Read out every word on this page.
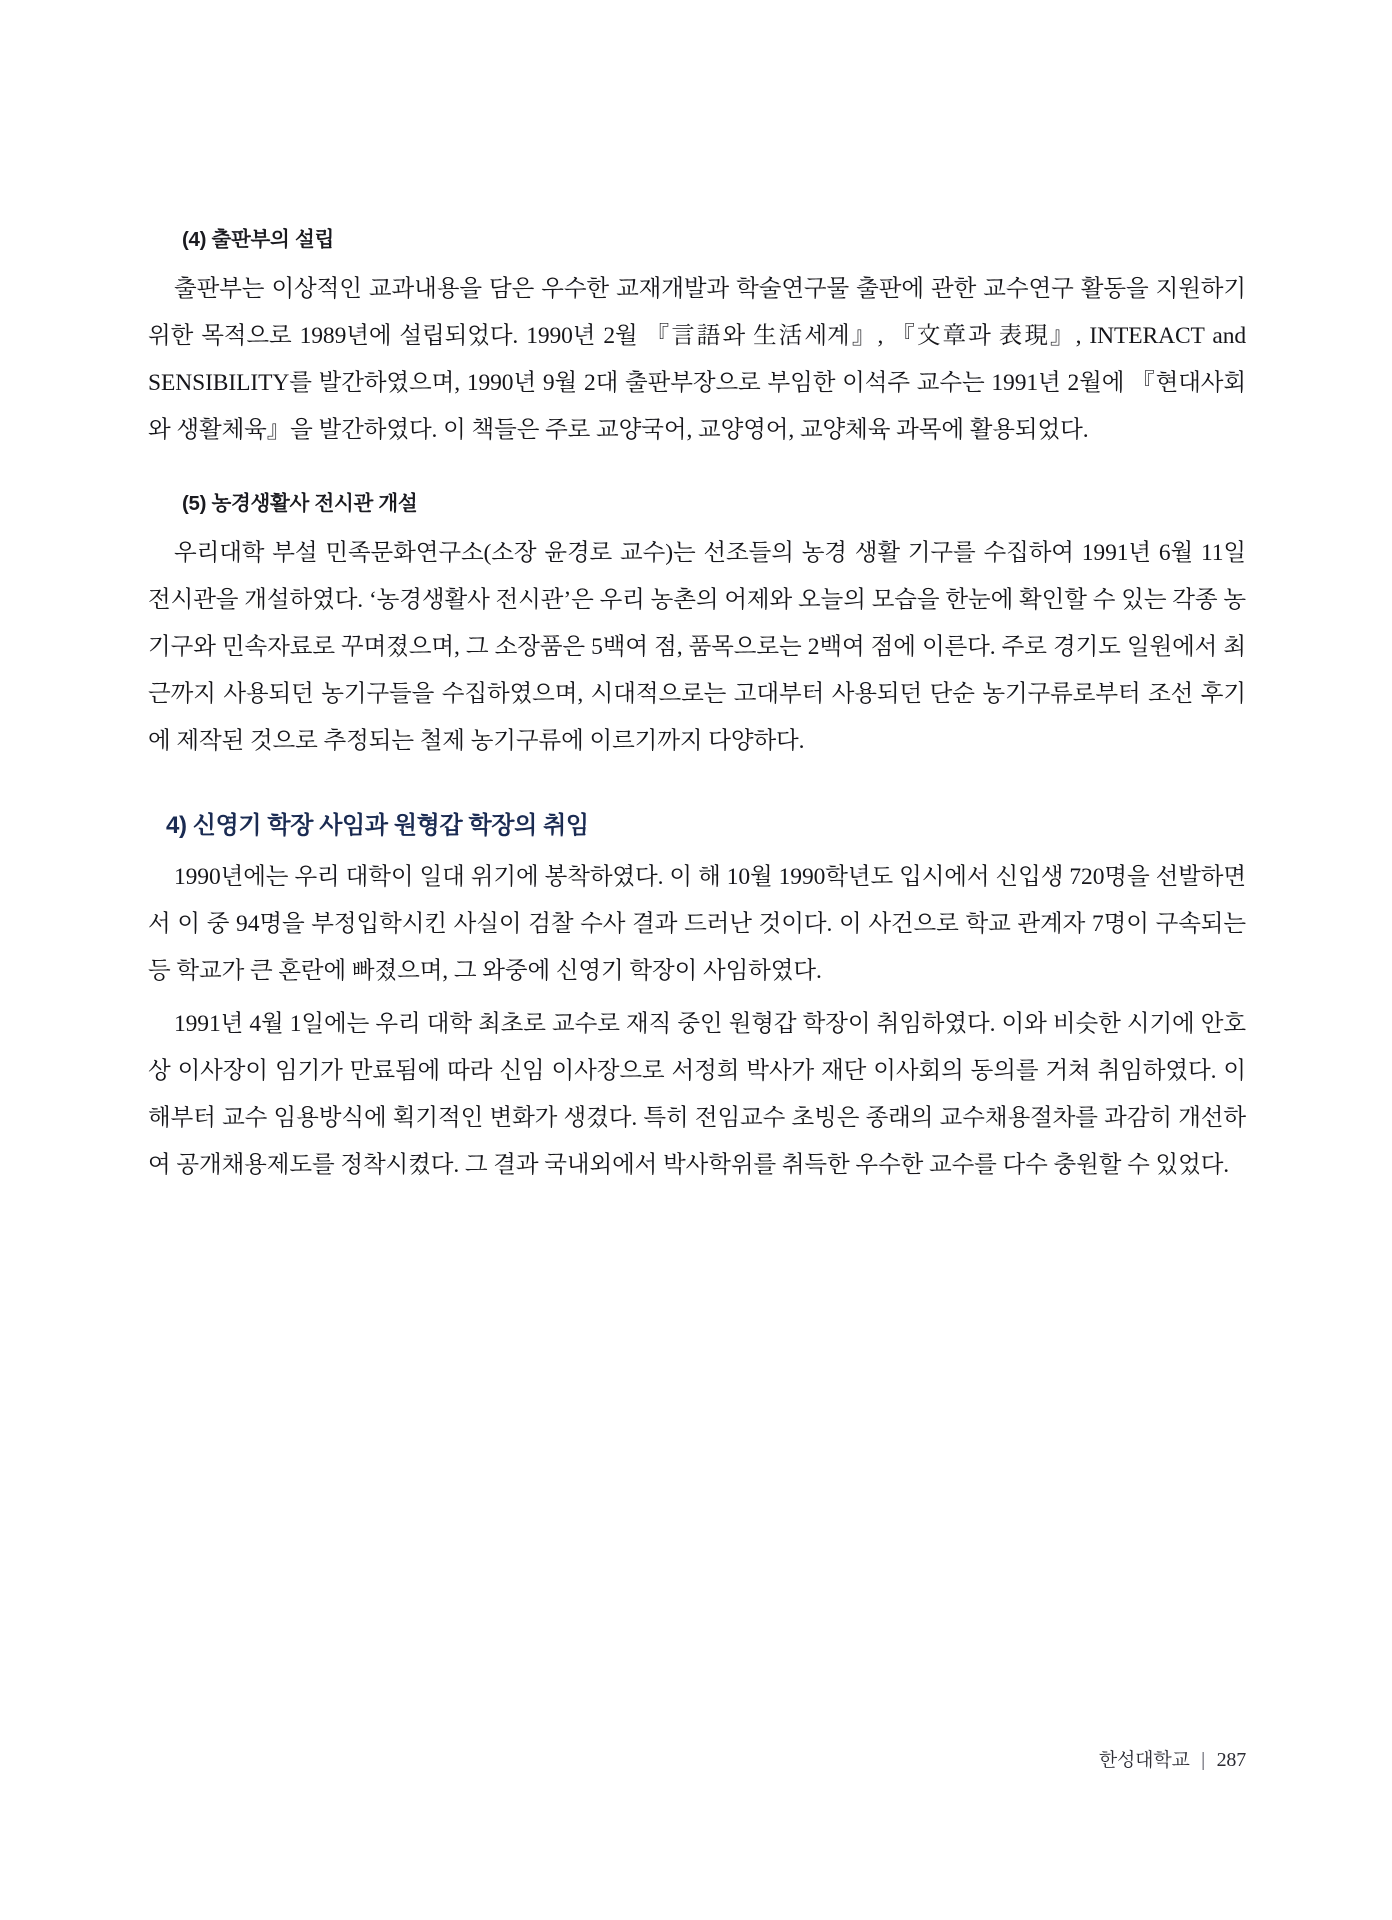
(4) 출판부의 설립

출판부는 이상적인 교과내용을 담은 우수한 교재개발과 학술연구물 출판에 관한 교수연구 활동을 지원하기 위한 목적으로 1989년에 설립되었다. 1990년 2월 『言語와 生活세계』, 『文章과 表現』, INTERACT and SENSIBILITY를 발간하였으며, 1990년 9월 2대 출판부장으로 부임한 이석주 교수는 1991년 2월에 『현대사회와 생활체육』을 발간하였다. 이 책들은 주로 교양국어, 교양영어, 교양체육 과목에 활용되었다.

(5) 농경생활사 전시관 개설

우리대학 부설 민족문화연구소(소장 윤경로 교수)는 선조들의 농경 생활 기구를 수집하여 1991년 6월 11일 전시관을 개설하였다. ‘농경생활사 전시관’은 우리 농촌의 어제와 오늘의 모습을 한눈에 확인할 수 있는 각종 농기구와 민속자료로 꾸며졌으며, 그 소장품은 5백여 점, 품목으로는 2백여 점에 이른다. 주로 경기도 일원에서 최근까지 사용되던 농기구들을 수집하였으며, 시대적으로는 고대부터 사용되던 단순 농기구류로부터 조선 후기에 제작된 것으로 추정되는 철제 농기구류에 이르기까지 다양하다.

4) 신영기 학장 사임과 원형갑 학장의 취임

1990년에는 우리 대학이 일대 위기에 봉착하였다. 이 해 10월 1990학년도 입시에서 신입생 720명을 선발하면서 이 중 94명을 부정입학시킨 사실이 검찰 수사 결과 드러난 것이다. 이 사건으로 학교 관계자 7명이 구속되는 등 학교가 큰 혼란에 빠졌으며, 그 와중에 신영기 학장이 사임하였다.

1991년 4월 1일에는 우리 대학 최초로 교수로 재직 중인 원형갑 학장이 취임하였다. 이와 비슷한 시기에 안호상 이사장이 임기가 만료됨에 따라 신임 이사장으로 서정희 박사가 재단 이사회의 동의를 거쳐 취임하였다. 이 해부터 교수 임용방식에 획기적인 변화가 생겼다. 특히 전임교수 초빙은 종래의 교수채용절차를 과감히 개선하여 공개채용제도를 정착시켰다. 그 결과 국내외에서 박사학위를 취득한 우수한 교수를 다수 충원할 수 있었다.

한성대학교 | 287
